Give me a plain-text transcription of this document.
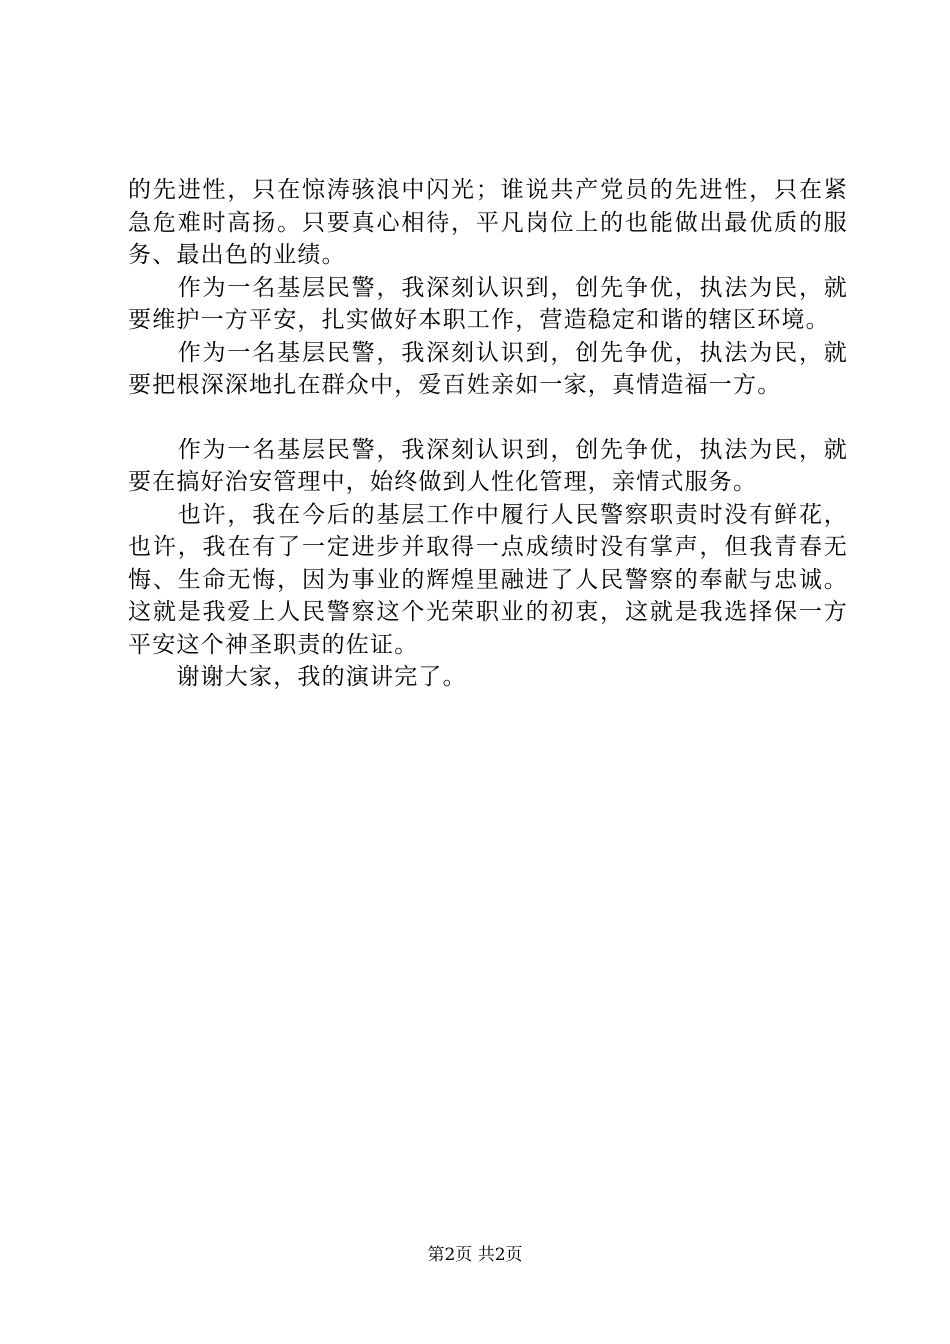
的先进性，只在惊涛骇浪中闪光；谁说共产党员的先进性，只在紧急危难时高扬。只要真心相待，平凡岗位上的也能做出最优质的服务、最出色的业绩。

　　作为一名基层民警，我深刻认识到，创先争优，执法为民，就要维护一方平安，扎实做好本职工作，营造稳定和谐的辖区环境。

　　作为一名基层民警，我深刻认识到，创先争优，执法为民，就要把根深深地扎在群众中，爱百姓亲如一家，真情造福一方。

　　作为一名基层民警，我深刻认识到，创先争优，执法为民，就要在搞好治安管理中，始终做到人性化管理，亲情式服务。

　　也许，我在今后的基层工作中履行人民警察职责时没有鲜花，也许，我在有了一定进步并取得一点成绩时没有掌声，但我青春无悔、生命无悔，因为事业的辉煌里融进了人民警察的奉献与忠诚。这就是我爱上人民警察这个光荣职业的初衷，这就是我选择保一方平安这个神圣职责的佐证。

　　谢谢大家，我的演讲完了。

第2页 共2页
